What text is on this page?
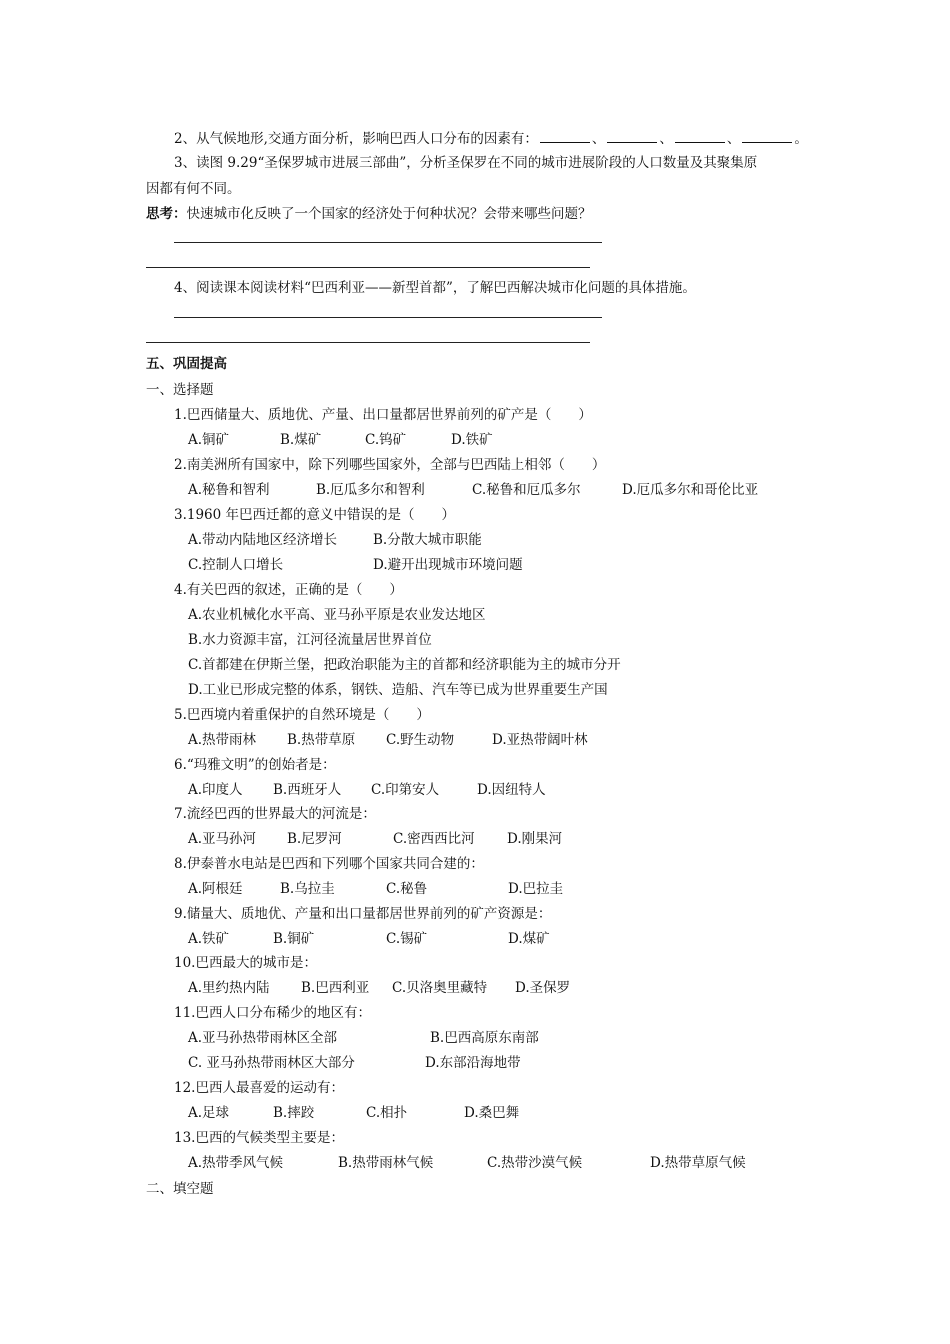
2、从气候地形,交通方面分析，影响巴西人口分布的因素有：	、	、	、	。
3、读图 9.29“圣保罗城市进展三部曲”，分析圣保罗在不同的城市进展阶段的人口数量及其聚集原
因都有何不同。
思考：快速城市化反映了一个国家的经济处于何种状况？会带来哪些问题？
4、阅读课本阅读材料“巴西利亚——新型首都”，了解巴西解决城市化问题的具体措施。
五、巩固提高
一、选择题
1.巴西储量大、质地优、产量、出口量都居世界前列的矿产是（　　）
A.铜矿	B.煤矿	C.钨矿	D.铁矿
2.南美洲所有国家中，除下列哪些国家外，全部与巴西陆上相邻（　　）
A.秘鲁和智利	B.厄瓜多尔和智利	C.秘鲁和厄瓜多尔	D.厄瓜多尔和哥伦比亚
3.1960 年巴西迁都的意义中错误的是（　　）
A.带动内陆地区经济增长	B.分散大城市职能
C.控制人口增长	D.避开出现城市环境问题
4.有关巴西的叙述，正确的是（　　）
A.农业机械化水平高、亚马孙平原是农业发达地区
B.水力资源丰富，江河径流量居世界首位
C.首都建在伊斯兰堡，把政治职能为主的首都和经济职能为主的城市分开
D.工业已形成完整的体系，钢铁、造船、汽车等已成为世界重要生产国
5.巴西境内着重保护的自然环境是（　　）
A.热带雨林 B.热带草原 C.野生动物	D.亚热带阔叶林
6.“玛雅文明”的创始者是：
A.印度人 B.西班牙人 C.印第安人	D.因纽特人
7.流经巴西的世界最大的河流是：
A.亚马孙河 B.尼罗河	C.密西西比河 D.刚果河
8.伊泰普水电站是巴西和下列哪个国家共同合建的：
A.阿根廷	B.乌拉圭	C.秘鲁	D.巴拉圭
9.储量大、质地优、产量和出口量都居世界前列的矿产资源是：
A.铁矿	B.铜矿	C.锡矿	D.煤矿
10.巴西最大的城市是：
A.里约热内陆 B.巴西利亚 C.贝洛奥里藏特 D.圣保罗
11.巴西人口分布稀少的地区有：
A.亚马孙热带雨林区全部	B.巴西高原东南部
C. 亚马孙热带雨林区大部分	D.东部沿海地带
12.巴西人最喜爱的运动有：
A.足球	B.摔跤	C.相扑	D.桑巴舞
13.巴西的气候类型主要是：
A.热带季风气候	B.热带雨林气候	C.热带沙漠气候	D.热带草原气候
二、填空题
